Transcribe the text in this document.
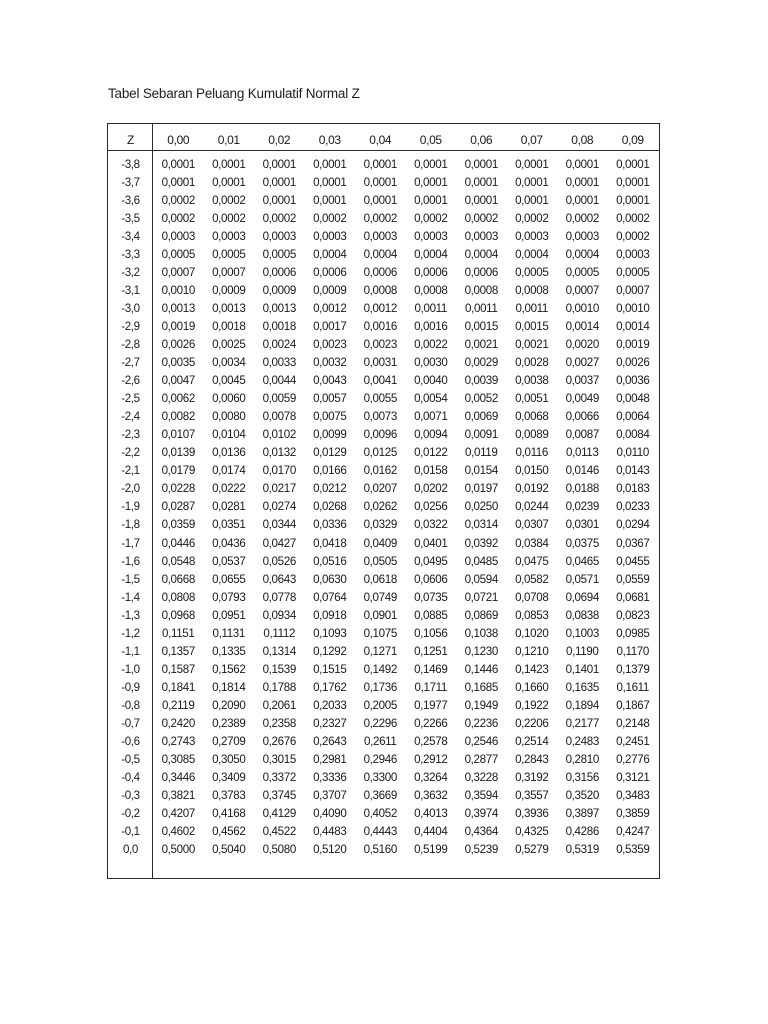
Tabel Sebaran Peluang Kumulatif Normal Z
Z	0,00	0,01	0,02	0,03	0,04	0,05	0,06	0,07	0,08	0,09
-3,8	0,0001	0,0001	0,0001	0,0001	0,0001	0,0001	0,0001	0,0001	0,0001	0,0001
-3,7	0,0001	0,0001	0,0001	0,0001	0,0001	0,0001	0,0001	0,0001	0,0001	0,0001
-3,6	0,0002	0,0002	0,0001	0,0001	0,0001	0,0001	0,0001	0,0001	0,0001	0,0001
-3,5	0,0002	0,0002	0,0002	0,0002	0,0002	0,0002	0,0002	0,0002	0,0002	0,0002
-3,4	0,0003	0,0003	0,0003	0,0003	0,0003	0,0003	0,0003	0,0003	0,0003	0,0002
-3,3	0,0005	0,0005	0,0005	0,0004	0,0004	0,0004	0,0004	0,0004	0,0004	0,0003
-3,2	0,0007	0,0007	0,0006	0,0006	0,0006	0,0006	0,0006	0,0005	0,0005	0,0005
-3,1	0,0010	0,0009	0,0009	0,0009	0,0008	0,0008	0,0008	0,0008	0,0007	0,0007
-3,0	0,0013	0,0013	0,0013	0,0012	0,0012	0,0011	0,0011	0,0011	0,0010	0,0010
-2,9	0,0019	0,0018	0,0018	0,0017	0,0016	0,0016	0,0015	0,0015	0,0014	0,0014
-2,8	0,0026	0,0025	0,0024	0,0023	0,0023	0,0022	0,0021	0,0021	0,0020	0,0019
-2,7	0,0035	0,0034	0,0033	0,0032	0,0031	0,0030	0,0029	0,0028	0,0027	0,0026
-2,6	0,0047	0,0045	0,0044	0,0043	0,0041	0,0040	0,0039	0,0038	0,0037	0,0036
-2,5	0,0062	0,0060	0,0059	0,0057	0,0055	0,0054	0,0052	0,0051	0,0049	0,0048
-2,4	0,0082	0,0080	0,0078	0,0075	0,0073	0,0071	0,0069	0,0068	0,0066	0,0064
-2,3	0,0107	0,0104	0,0102	0,0099	0,0096	0,0094	0,0091	0,0089	0,0087	0,0084
-2,2	0,0139	0,0136	0,0132	0,0129	0,0125	0,0122	0,0119	0,0116	0,0113	0,0110
-2,1	0,0179	0,0174	0,0170	0,0166	0,0162	0,0158	0,0154	0,0150	0,0146	0,0143
-2,0	0,0228	0,0222	0,0217	0,0212	0,0207	0,0202	0,0197	0,0192	0,0188	0,0183
-1,9	0,0287	0,0281	0,0274	0,0268	0,0262	0,0256	0,0250	0,0244	0,0239	0,0233
-1,8	0,0359	0,0351	0,0344	0,0336	0,0329	0,0322	0,0314	0,0307	0,0301	0,0294
-1,7	0,0446	0,0436	0,0427	0,0418	0,0409	0,0401	0,0392	0,0384	0,0375	0,0367
-1,6	0,0548	0,0537	0,0526	0,0516	0,0505	0,0495	0,0485	0,0475	0,0465	0,0455
-1,5	0,0668	0,0655	0,0643	0,0630	0,0618	0,0606	0,0594	0,0582	0,0571	0,0559
-1,4	0,0808	0,0793	0,0778	0,0764	0,0749	0,0735	0,0721	0,0708	0,0694	0,0681
-1,3	0,0968	0,0951	0,0934	0,0918	0,0901	0,0885	0,0869	0,0853	0,0838	0,0823
-1,2	0,1151	0,1131	0,1112	0,1093	0,1075	0,1056	0,1038	0,1020	0,1003	0,0985
-1,1	0,1357	0,1335	0,1314	0,1292	0,1271	0,1251	0,1230	0,1210	0,1190	0,1170
-1,0	0,1587	0,1562	0,1539	0,1515	0,1492	0,1469	0,1446	0,1423	0,1401	0,1379
-0,9	0,1841	0,1814	0,1788	0,1762	0,1736	0,1711	0,1685	0,1660	0,1635	0,1611
-0,8	0,2119	0,2090	0,2061	0,2033	0,2005	0,1977	0,1949	0,1922	0,1894	0,1867
-0,7	0,2420	0,2389	0,2358	0,2327	0,2296	0,2266	0,2236	0,2206	0,2177	0,2148
-0,6	0,2743	0,2709	0,2676	0,2643	0,2611	0,2578	0,2546	0,2514	0,2483	0,2451
-0,5	0,3085	0,3050	0,3015	0,2981	0,2946	0,2912	0,2877	0,2843	0,2810	0,2776
-0,4	0,3446	0,3409	0,3372	0,3336	0,3300	0,3264	0,3228	0,3192	0,3156	0,3121
-0,3	0,3821	0,3783	0,3745	0,3707	0,3669	0,3632	0,3594	0,3557	0,3520	0,3483
-0,2	0,4207	0,4168	0,4129	0,4090	0,4052	0,4013	0,3974	0,3936	0,3897	0,3859
-0,1	0,4602	0,4562	0,4522	0,4483	0,4443	0,4404	0,4364	0,4325	0,4286	0,4247
0,0	0,5000	0,5040	0,5080	0,5120	0,5160	0,5199	0,5239	0,5279	0,5319	0,5359
